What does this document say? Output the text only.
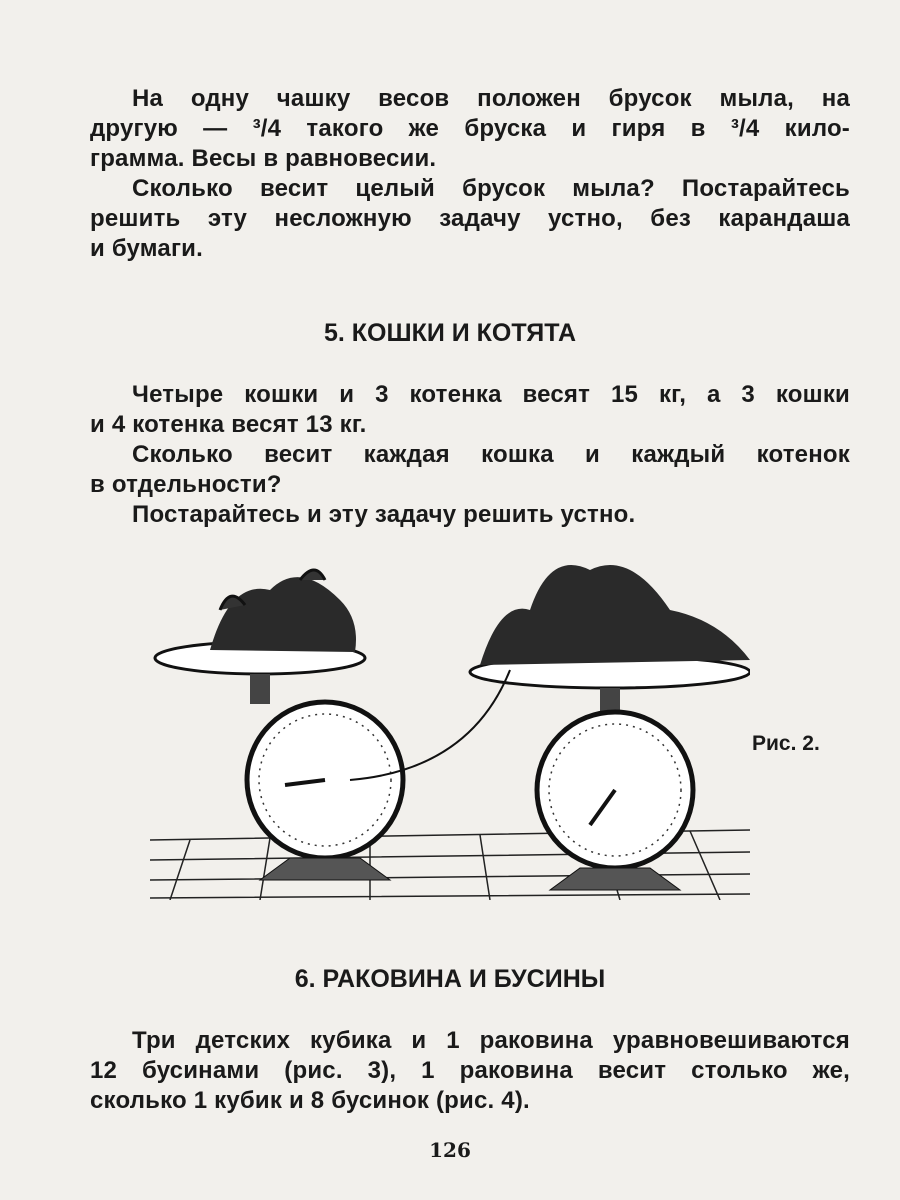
На одну чашку весов положен брусок мыла, на
другую — ³/4 такого же бруска и гиря в ³/4 кило-
грамма. Весы в равновесии.
Сколько весит целый брусок мыла? Постарайтесь
решить эту несложную задачу устно, без карандаша
и бумаги.
5. КОШКИ И КОТЯТА
Четыре кошки и 3 котенка весят 15 кг, а 3 кошки
и 4 котенка весят 13 кг.
Сколько весит каждая кошка и каждый котенок
в отдельности?
Постарайтесь и эту задачу решить устно.
Рис. 2.
6. РАКОВИНА И БУСИНЫ
Три детских кубика и 1 раковина уравновешиваются
12 бусинами (рис. 3), 1 раковина весит столько же,
сколько 1 кубик и 8 бусинок (рис. 4).
126
